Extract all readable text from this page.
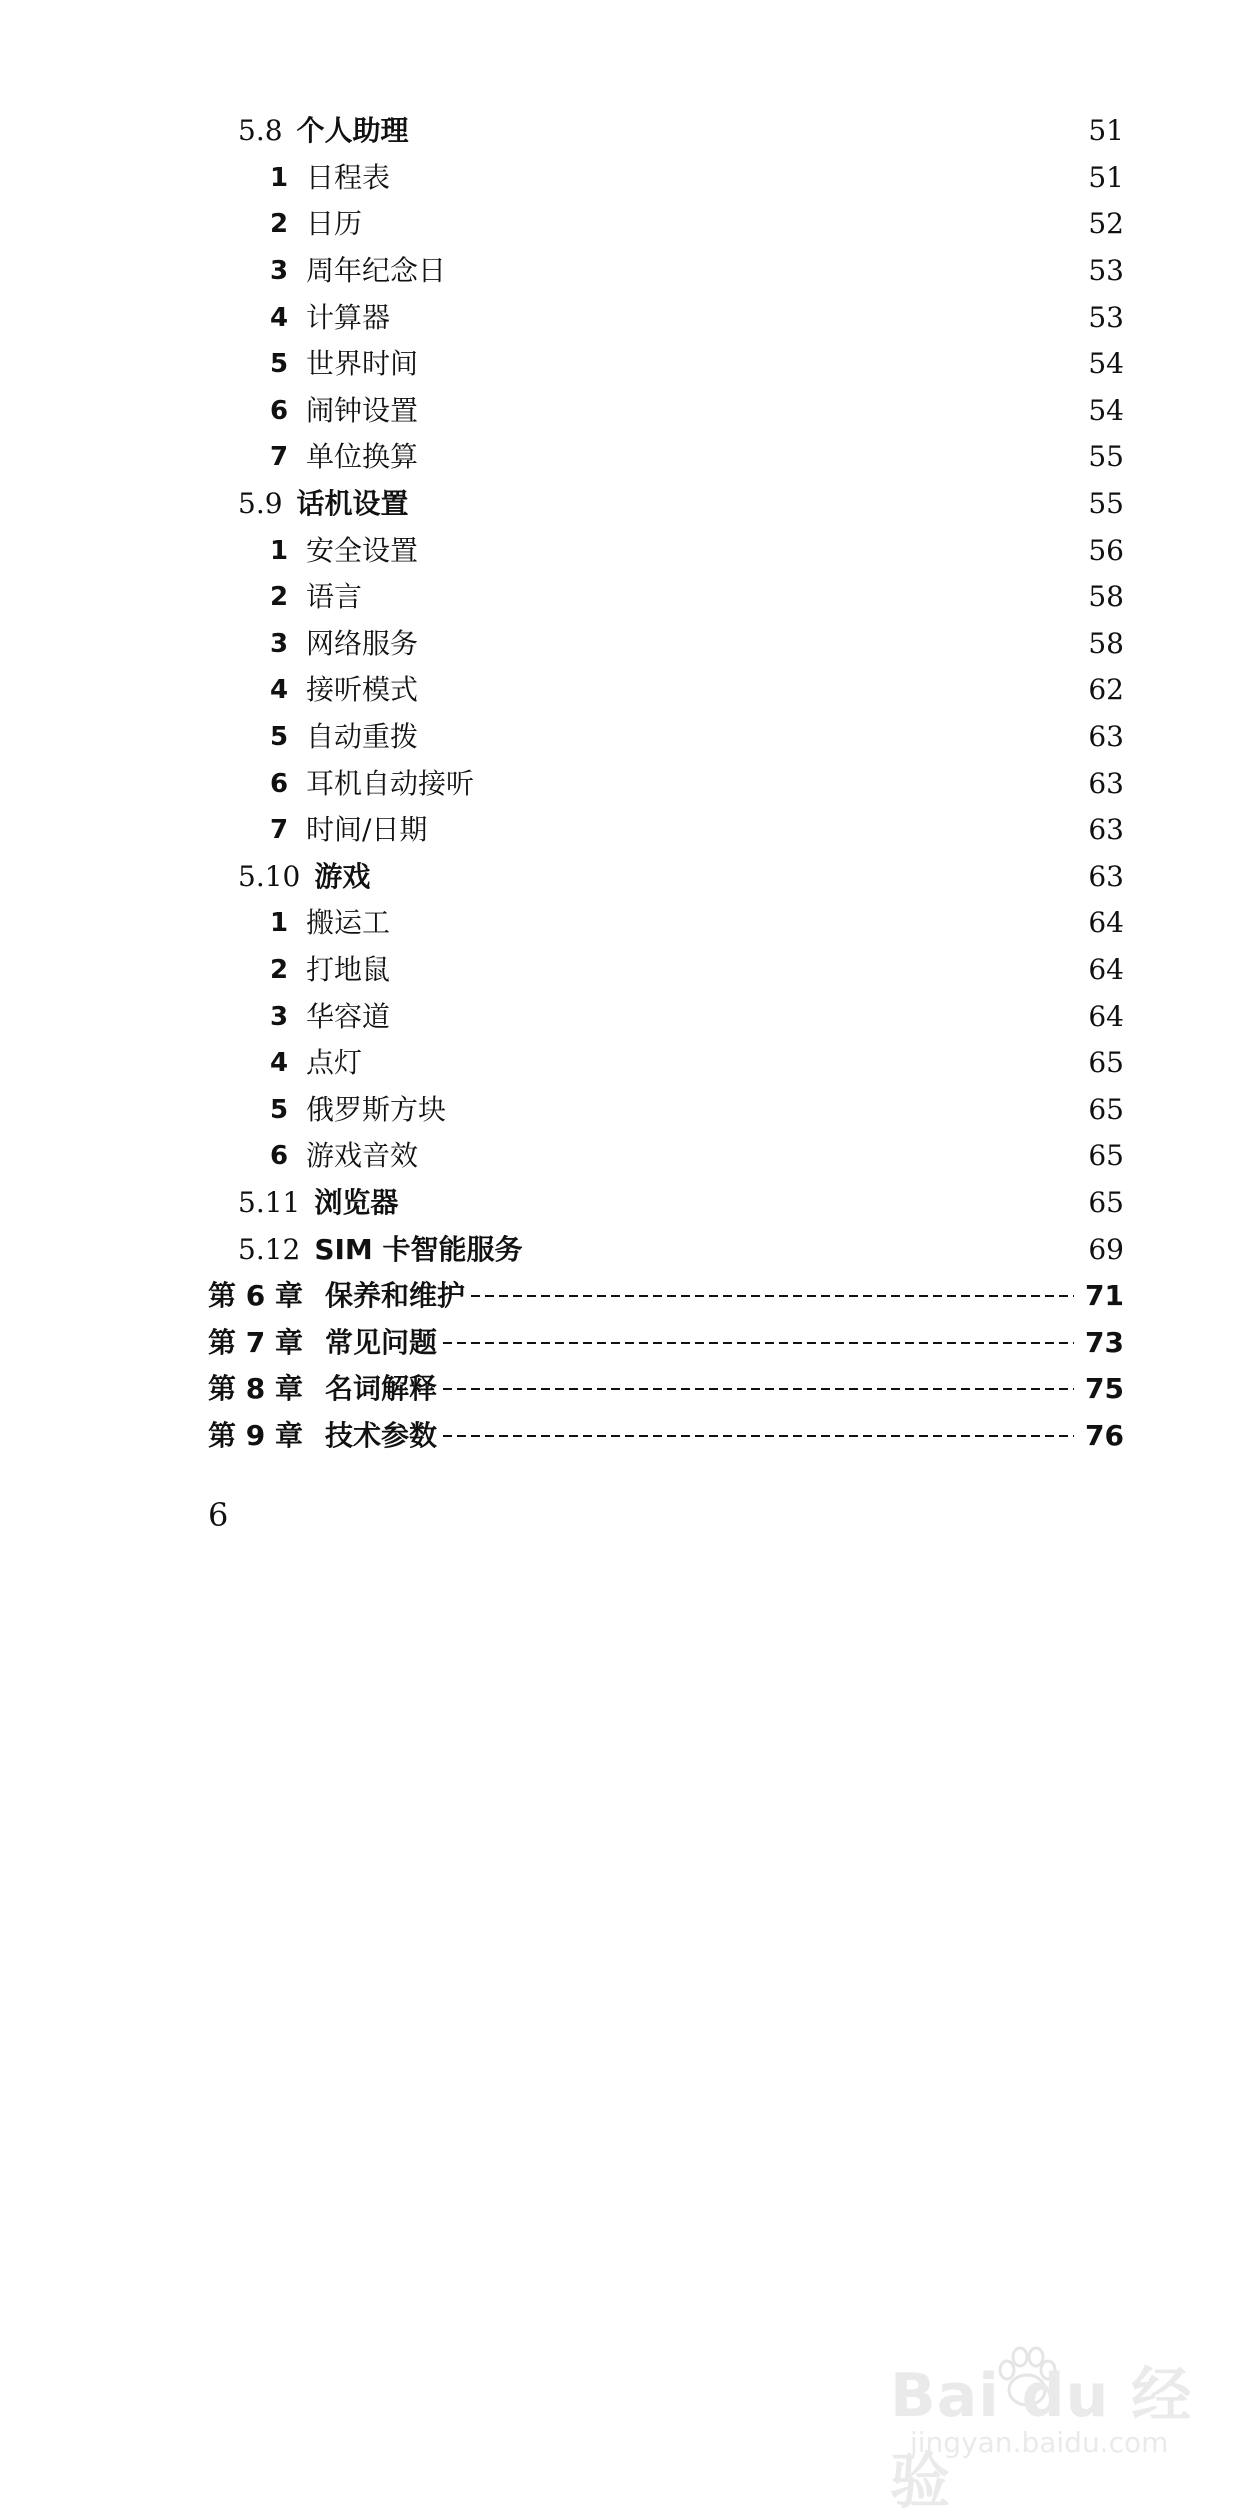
5.8 个人助理	51
1 日程表	51
2 日历	52
3 周年纪念日	53
4 计算器	53
5 世界时间	54
6 闹钟设置	54
7 单位换算	55
5.9 话机设置	55
1 安全设置	56
2 语言	58
3 网络服务	58
4 接听模式	62
5 自动重拨	63
6 耳机自动接听	63
7 时间/日期	63
5.10 游戏	63
1 搬运工	64
2 打地鼠	64
3 华容道	64
4 点灯	65
5 俄罗斯方块	65
6 游戏音效	65
5.11 浏览器	65
5.12 SIM 卡智能服务	69
第 6 章 保养和维护	71
第 7 章 常见问题	73
第 8 章 名词解释	75
第 9 章 技术参数	76
6
Bai du 经验
jingyan.baidu.com
